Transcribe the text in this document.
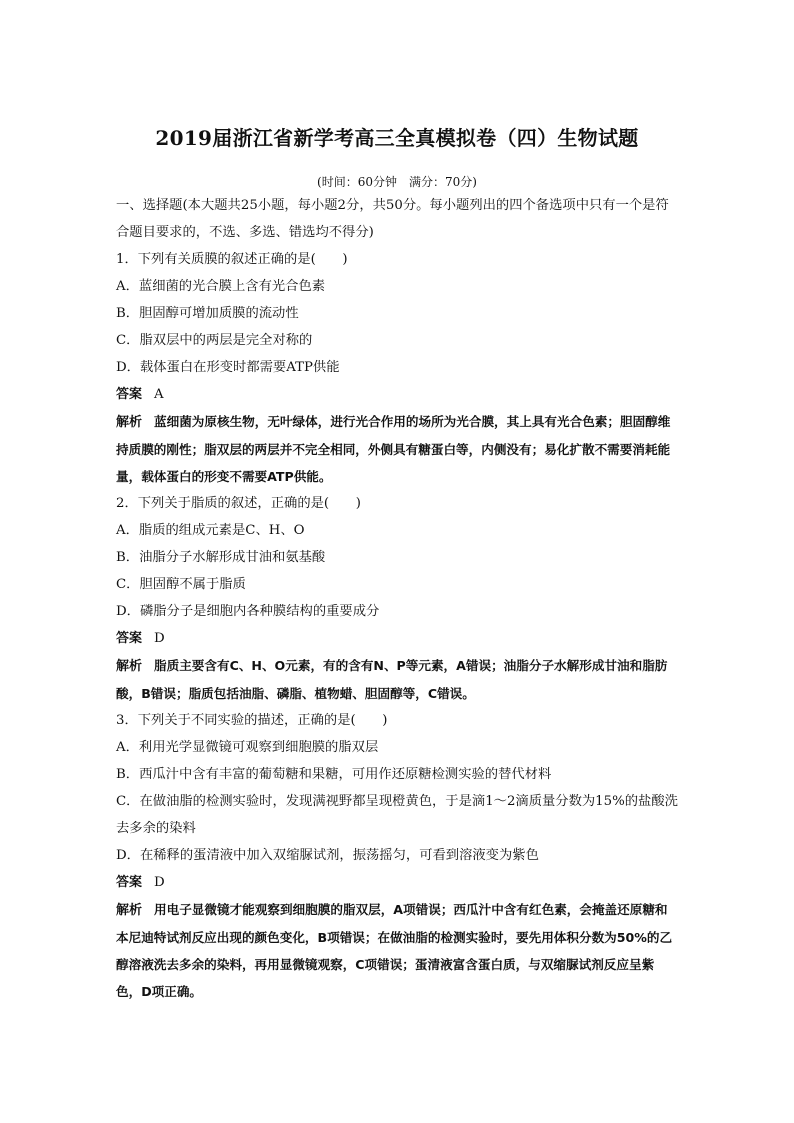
2019届浙江省新学考高三全真模拟卷（四）生物试题
(时间：60分钟　满分：70分)

一、选择题(本大题共25小题，每小题2分，共50分。每小题列出的四个备选项中只有一个是符合题目要求的，不选、多选、错选均不得分)

1．下列有关质膜的叙述正确的是(　　)

A．蓝细菌的光合膜上含有光合色素

B．胆固醇可增加质膜的流动性

C．脂双层中的两层是完全对称的

D．载体蛋白在形变时都需要ATP供能

答案 A

解析 蓝细菌为原核生物，无叶绿体，进行光合作用的场所为光合膜，其上具有光合色素；胆固醇维持质膜的刚性；脂双层的两层并不完全相同，外侧具有糖蛋白等，内侧没有；易化扩散不需要消耗能量，载体蛋白的形变不需要ATP供能。

2．下列关于脂质的叙述，正确的是(　　)

A．脂质的组成元素是C、H、O

B．油脂分子水解形成甘油和氨基酸

C．胆固醇不属于脂质

D．磷脂分子是细胞内各种膜结构的重要成分

答案 D

解析 脂质主要含有C、H、O元素，有的含有N、P等元素，A错误；油脂分子水解形成甘油和脂肪酸，B错误；脂质包括油脂、磷脂、植物蜡、胆固醇等，C错误。

3．下列关于不同实验的描述，正确的是(　　)

A．利用光学显微镜可观察到细胞膜的脂双层

B．西瓜汁中含有丰富的葡萄糖和果糖，可用作还原糖检测实验的替代材料

C．在做油脂的检测实验时，发现满视野都呈现橙黄色，于是滴1～2滴质量分数为15%的盐酸洗去多余的染料

D．在稀释的蛋清液中加入双缩脲试剂，振荡摇匀，可看到溶液变为紫色

答案 D

解析 用电子显微镜才能观察到细胞膜的脂双层，A项错误；西瓜汁中含有红色素，会掩盖还原糖和本尼迪特试剂反应出现的颜色变化，B项错误；在做油脂的检测实验时，要先用体积分数为50%的乙醇溶液洗去多余的染料，再用显微镜观察，C项错误；蛋清液富含蛋白质，与双缩脲试剂反应呈紫色，D项正确。
